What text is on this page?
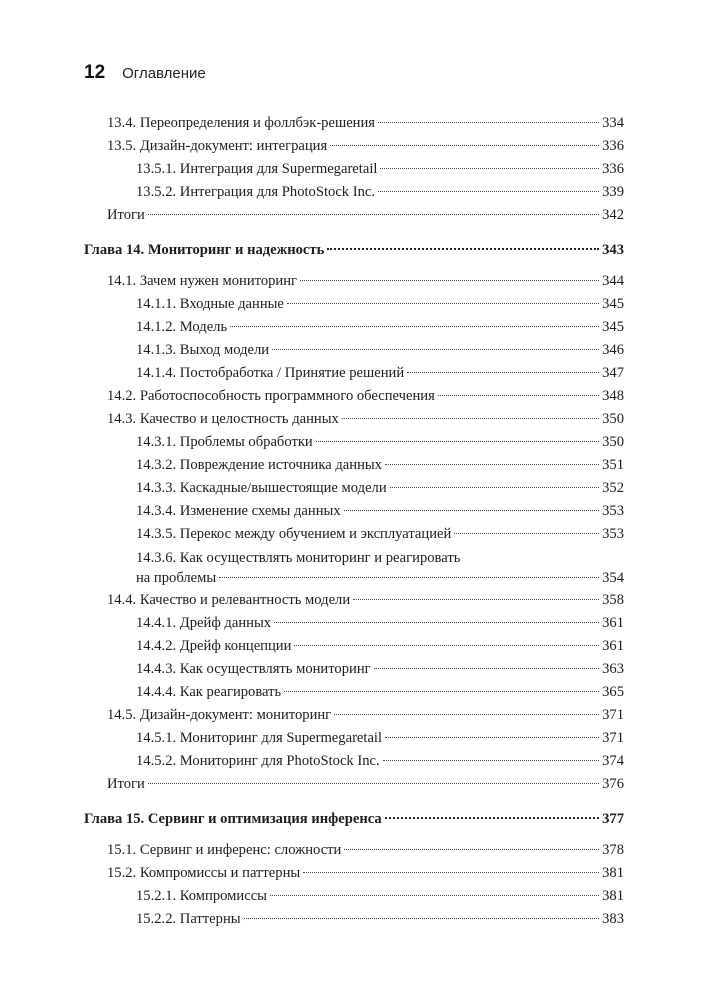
12 Оглавление
13.4. Переопределения и фоллбэк-решения	334
13.5. Дизайн-документ: интеграция	336
13.5.1. Интеграция для Supermegaretail	336
13.5.2. Интеграция для PhotoStock Inc.	339
Итоги	342
Глава 14. Мониторинг и надежность	343
14.1. Зачем нужен мониторинг	344
14.1.1. Входные данные	345
14.1.2. Модель	345
14.1.3. Выход модели	346
14.1.4. Постобработка / Принятие решений	347
14.2. Работоспособность программного обеспечения	348
14.3. Качество и целостность данных	350
14.3.1. Проблемы обработки	350
14.3.2. Повреждение источника данных	351
14.3.3. Каскадные/вышестоящие модели	352
14.3.4. Изменение схемы данных	353
14.3.5. Перекос между обучением и эксплуатацией	353
14.3.6. Как осуществлять мониторинг и реагировать
на проблемы	354
14.4. Качество и релевантность модели	358
14.4.1. Дрейф данных	361
14.4.2. Дрейф концепции	361
14.4.3. Как осуществлять мониторинг	363
14.4.4. Как реагировать	365
14.5. Дизайн-документ: мониторинг	371
14.5.1. Мониторинг для Supermegaretail	371
14.5.2. Мониторинг для PhotoStock Inc.	374
Итоги	376
Глава 15. Сервинг и оптимизация инференса	377
15.1. Сервинг и инференс: сложности	378
15.2. Компромиссы и паттерны	381
15.2.1. Компромиссы	381
15.2.2. Паттерны	383
